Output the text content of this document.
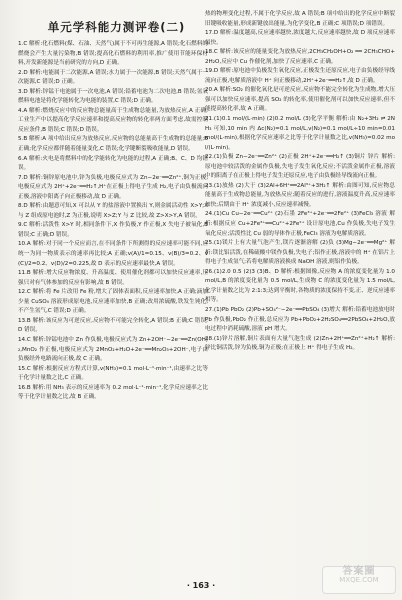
单元学科能力测评卷(二)

1.C 解析:化石燃料(煤、石油、天然气)属于不可再生能源,A 错误;化石燃料的燃烧会产生大量污染物,B 错误;提高化石燃料的利用率,推广使用节能环保材料,开发新能源是当前研究的方向,D 正确。

2.D 解析:电能属于二次能源,A 错误;水力属于一次能源,B 错误;天然气属于一次能源,C 错误;D 正确。

3.D 解析:锌锰干电池属于一次电池,A 错误;铅蓄电池为二次电池,B 错误;氢氧燃料电池是将化学能转化为电能的装置,C 错误;D 正确。

4.A 解析:燃烧反应中的反应物总能量高于生成物总能量,为放热反应,A 正确;工业生产中以提高化学反应速率和提高反应物的转化率两方面考虑,故需控制反应条件,B 错误;C 错误;D 错误。

5.B 解析:A 项中给出反应为放热反应,反应物的总能量高于生成物的总能量;B 正确;化学反应都伴随着能量变化,C 错误;化学键断裂吸收能量,D 错误。

6.A 解析:火电是将燃料中的化学能转化为电能的过程,A 正确;B、C、D 均错误。

7.D 解析:铜锌原电池中,锌为负极,电极反应式为 Zn−2e⁻══Zn²⁺,铜为正极,电极反应式为 2H⁺+2e⁻══H₂↑,H⁺在正极上得电子生成 H₂,电子由负极流向正极,溶液中阳离子向正极移动,故 D 正确。

8.D 解析:由题意可知,X 可以从 Y 的盐溶液中置换出 Y,则金属活动性 X>Y;X 与 Z 组成原电池时,Z 为正极,说明 X>Z;Y 与 Z 比较,故 Z>X>Y,A 错误。

9.C 解析:活泼性 X>Y 时,相同条件下,X 作负极,Y 作正极,X 失电子被氧化,B 错误;C 正确;D 错误。

10.A 解析:对于同一个反应而言,在不同条件下所测得的反应速率可能不同,应统一为同一物质表示的速率再比较;A 正确;v(A)/1=0.15、v(B)/3=0.2、v(C)/2=0.2、v(D)/2=0.225,故 D 表示的反应速率最快,A 错误。

11.B 解析:增大反应物浓度、升高温度、使用催化剂都可以加快反应速率,压强只对有气体参加的反应有影响,故 B 错误。

12.C 解析:将 Fe 片改用 Fe 粉,增大了固体表面积,反应速率加快,A 正确;滴加少量 CuSO₄ 溶液形成原电池,反应速率加快,B 正确;改用浓硫酸,铁发生钝化,不产生氢气,C 错误;D 正确。

13.B 解析:该反应为可逆反应,反应物不可能完全转化,A 错误;B 正确;C 错误;D 错误。

14.C 解析:锌锰电池中 Zn 作负极,电极反应式为 Zn+2OH⁻−2e⁻══Zn(OH)₂,MnO₂ 作正极,电极反应式为 2MnO₂+H₂O+2e⁻══Mn₂O₃+2OH⁻,电子由负极经外电路流向正极,故 C 正确。

15.C 解析:根据反应方程式计算,v(NH₃)=0.1 mol·L⁻¹·min⁻¹,由速率之比等于化学计量数之比,C 正确。

16.B 解析:用 NH₃ 表示的反应速率为 0.2 mol·L⁻¹·min⁻¹,化学反应速率之比等于化学计量数之比,故 B 正确。

热的物理变化过程,不属于化学反应,故 A 错误;B 项中给出的化学反应中断裂旧键吸收能量,形成新键放出能量,为化学变化,B 正确;C 项错误;D 项错误。

17.D 解析:温度越高,反应速率越快,浓度越大,反应速率越快,故 D 项反应速率最快。

18.C 解析:该反应的能量变化为放热反应,2CH₃CH₂OH+O₂ ══ 2CH₃CHO+2H₂O,反应中 Cu 作催化剂,加快了反应速率,C 正确。

19.D 解析:原电池中负极发生氧化反应,正极发生还原反应,电子由负极经导线流向正极,电解质溶液中 H⁺ 向正极移动,2H⁺+2e⁻══H₂↑,故 D 正确。

20.A 解析:SO₂ 的催化氧化是可逆反应,反应物不能完全转化为生成物,增大压强可以加快反应速率,提高 SO₂ 的转化率,使用催化剂可以加快反应速率,但不能提高转化率,故 A 正确。

21.(1)0.1 mol/(L·min) (2)0.2 mol/L (3)化学平衡 解析:由 N₂+3H₂ ⇌ 2NH₃ 可知,10 min 内 Δc(N₂)=0.1 mol/L,v(N₂)=0.1 mol/L÷10 min=0.01 mol/(L·min),根据化学反应速率之比等于化学计量数之比,v(NH₃)=0.02 mol/(L·min)。

22.(1)负极 Zn−2e⁻══Zn²⁺ (2)正极 2H⁺+2e⁻══H₂↑ (3)铜片 锌片 解析:原电池中较活泼的金属作负极,失电子发生氧化反应;不活泼金属作正极,溶液中的阳离子在正极上得电子发生还原反应,电子由负极经导线流向正极。

23.(1)放热 (2)大于 (3)2Al+6H⁺══2Al³⁺+3H₂↑ 解析:由图可知,反应物总能量高于生成物总能量,为放热反应;随着反应的进行,溶液温度升高,反应速率加快;后期由于 H⁺ 浓度减小,反应速率减慢。

24.(1)Cu Cu−2e⁻══Cu²⁺ (2)石墨 2Fe³⁺+2e⁻══2Fe²⁺ (3)FeCl₃ 溶液 解析:根据反应 Cu+2Fe³⁺══Cu²⁺+2Fe²⁺ 设计原电池,Cu 作负极,失电子发生氧化反应;活泼性比 Cu 弱的导体作正极,FeCl₃ 溶液为电解质溶液。

25.(1)镁片上有大量气泡产生,镁片逐渐溶解 (2)负 (3)Mg−2e⁻══Mg²⁺ 解析:镁比铝活泼,在稀硫酸中镁作负极,失电子;铝作正极,溶液中的 H⁺ 在铝片上得电子生成氢气;若将电解质溶液换成 NaOH 溶液,则铝作负极。

26.(1)2.0 0.5 (2)3 (3)B、D 解析:根据图像,反应物 A 的浓度变化量为 1.0 mol/L,B 的浓度变化量为 0.5 mol/L,生成物 C 的浓度变化量为 1.5 mol/L,化学计量数之比为 2:1:3;达到平衡时,各物质的浓度保持不变,正、逆反应速率相等。

27.(1)Pb PbO₂ (2)Pb+SO₄²⁻−2e⁻══PbSO₄ (3)增大 解析:铅蓄电池放电时 Pb 作负极,PbO₂ 作正极,总反应为 Pb+PbO₂+2H₂SO₄══2PbSO₄+2H₂O,放电过程中消耗硫酸,溶液 pH 增大。

28.(1)锌片溶解,铜片表面有大量气泡生成 (2)Zn+2H⁺══Zn²⁺+H₂↑ 解析:锌比铜活泼,锌为负极,铜为正极;在正极上 H⁺ 得电子生成 H₂。

· 163 ·
答案圈
MXQE.COM
